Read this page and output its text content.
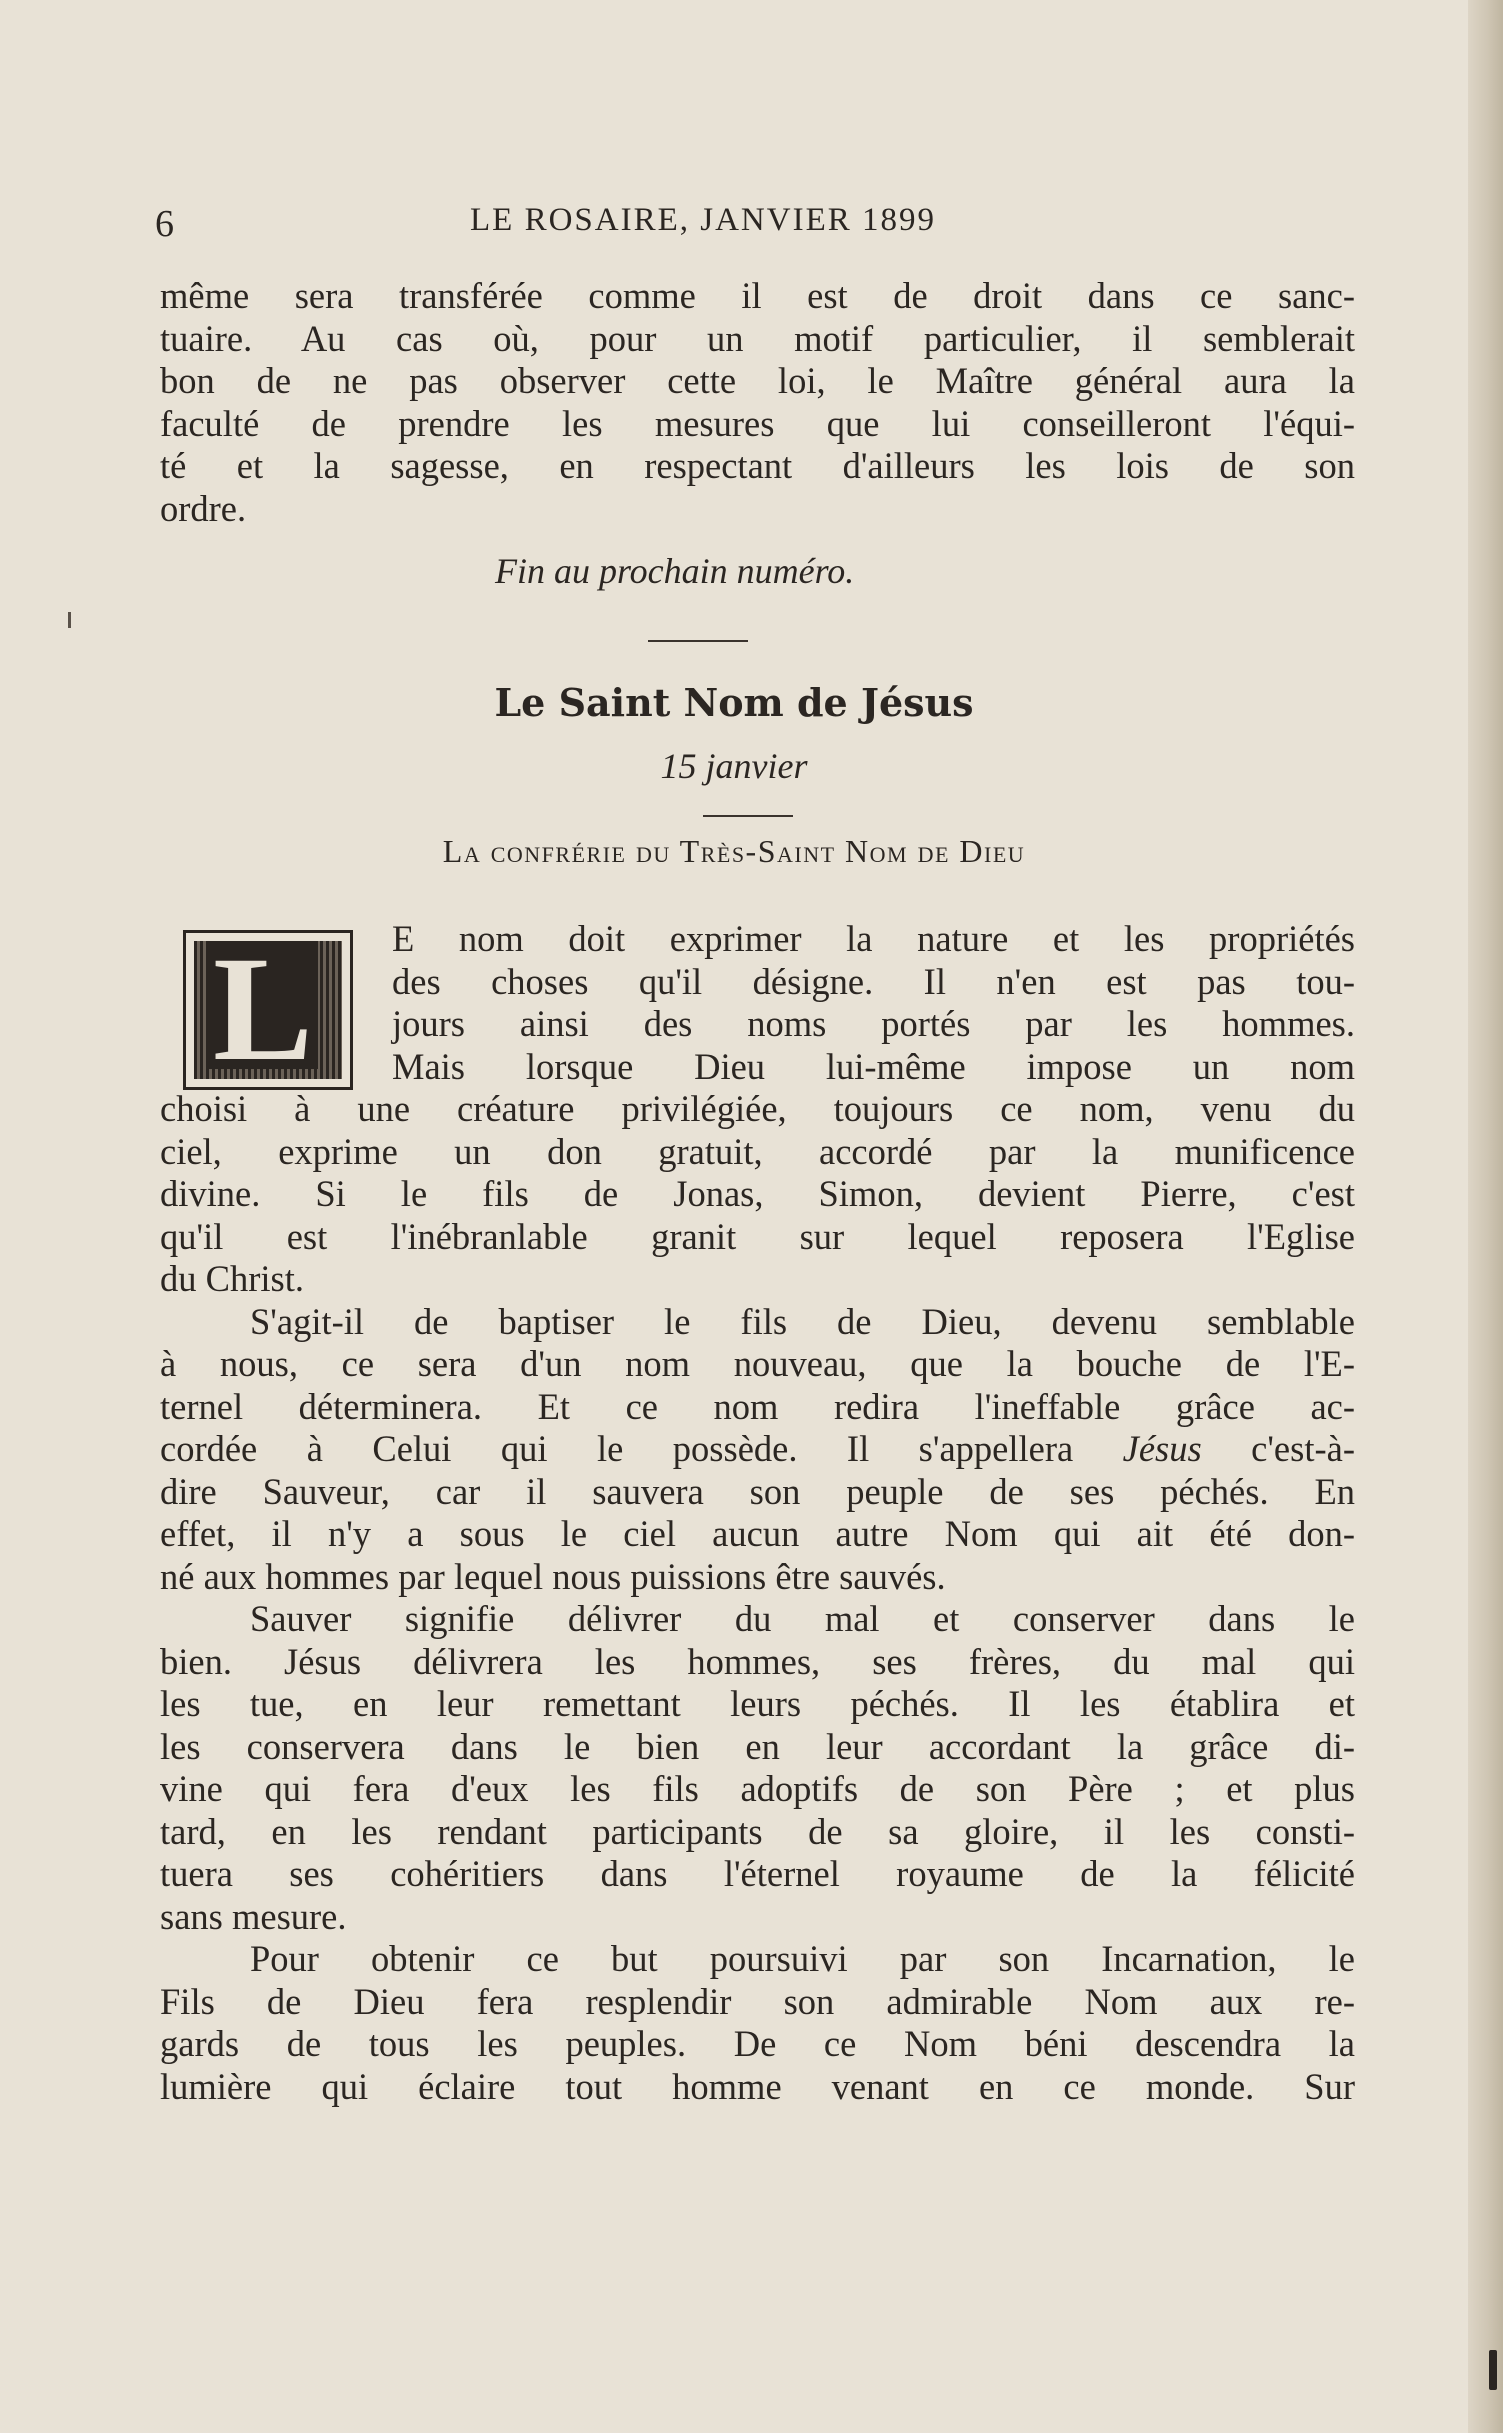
6	LE ROSAIRE, JANVIER 1899
même sera transférée comme il est de droit dans ce sanc-
tuaire. Au cas où, pour un motif particulier, il semblerait
bon de ne pas observer cette loi, le Maître général aura la
faculté de prendre les mesures que lui conseilleront l'équi-
té et la sagesse, en respectant d'ailleurs les lois de son
ordre.
Fin au prochain numéro.
Le Saint Nom de Jésus
15 janvier
La confrérie du Très-Saint Nom de Dieu
L	E nom doit exprimer la nature et les propriétés
des choses qu'il désigne. Il n'en est pas tou-
jours ainsi des noms portés par les hommes.
Mais lorsque Dieu lui-même impose un nom
choisi à une créature privilégiée, toujours ce nom, venu du
ciel, exprime un don gratuit, accordé par la munificence
divine. Si le fils de Jonas, Simon, devient Pierre, c'est
qu'il est l'inébranlable granit sur lequel reposera l'Eglise
du Christ.
S'agit-il de baptiser le fils de Dieu, devenu semblable
à nous, ce sera d'un nom nouveau, que la bouche de l'E-
ternel déterminera. Et ce nom redira l'ineffable grâce ac-
cordée à Celui qui le possède. Il s'appellera Jésus c'est-à-
dire Sauveur, car il sauvera son peuple de ses péchés. En
effet, il n'y a sous le ciel aucun autre Nom qui ait été don-
né aux hommes par lequel nous puissions être sauvés.
Sauver signifie délivrer du mal et conserver dans le
bien. Jésus délivrera les hommes, ses frères, du mal qui
les tue, en leur remettant leurs péchés. Il les établira et
les conservera dans le bien en leur accordant la grâce di-
vine qui fera d'eux les fils adoptifs de son Père ; et plus
tard, en les rendant participants de sa gloire, il les consti-
tuera ses cohéritiers dans l'éternel royaume de la félicité
sans mesure.
Pour obtenir ce but poursuivi par son Incarnation, le
Fils de Dieu fera resplendir son admirable Nom aux re-
gards de tous les peuples. De ce Nom béni descendra la
lumière qui éclaire tout homme venant en ce monde. Sur
